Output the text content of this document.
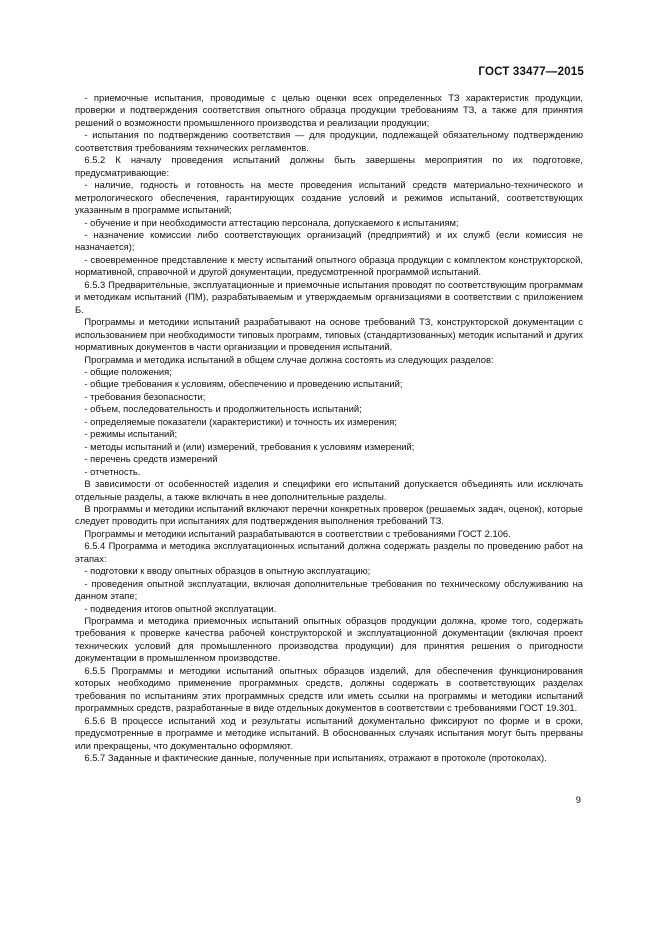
ГОСТ 33477—2015

- приемочные испытания, проводимые с целью оценки всех определенных ТЗ характеристик продукции, проверки и подтверждения соответствия опытного образца продукции требованиям ТЗ, а также для принятия решений о возможности промышленного производства и реализации продукции;

- испытания по подтверждению соответствия — для продукции, подлежащей обязательному подтверждению соответствия требованиям технических регламентов.

6.5.2 К началу проведения испытаний должны быть завершены мероприятия по их подготовке, предусматривающие:

- наличие, годность и готовность на месте проведения испытаний средств материально-технического и метрологического обеспечения, гарантирующих создание условий и режимов испытаний, соответствующих указанным в программе испытаний;

- обучение и при необходимости аттестацию персонала, допускаемого к испытаниям;

- назначение комиссии либо соответствующих организаций (предприятий) и их служб (если комиссия не назначается);

- своевременное представление к месту испытаний опытного образца продукции с комплектом конструкторской, нормативной, справочной и другой документации, предусмотренной программой испытаний.

6.5.3 Предварительные, эксплуатационные и приемочные испытания проводят по соответствующим программам и методикам испытаний (ПМ), разрабатываемым и утверждаемым организациями в соответствии с приложением Б.

Программы и методики испытаний разрабатывают на основе требований ТЗ, конструкторской документации с использованием при необходимости типовых программ, типовых (стандартизованных) методик испытаний и других нормативных документов в части организации и проведения испытаний.

Программа и методика испытаний в общем случае должна состоять из следующих разделов:

- общие положения;

- общие требования к условиям, обеспечению и проведению испытаний;

- требования безопасности;

- объем, последовательность и продолжительность испытаний;

- определяемые показатели (характеристики) и точность их измерения;

- режимы испытаний;

- методы испытаний и (или) измерений, требования к условиям измерений;

- перечень средств измерений

- отчетность.

В зависимости от особенностей изделия и специфики его испытаний допускается объединять или исключать отдельные разделы, а также включать в нее дополнительные разделы.

В программы и методики испытаний включают перечни конкретных проверок (решаемых задач, оценок), которые следует проводить при испытаниях для подтверждения выполнения требований ТЗ.

Программы и методики испытаний разрабатываются в соответствии с требованиями ГОСТ 2.106.

6.5.4 Программа и методика эксплуатационных испытаний должна содержать разделы по проведению работ на этапах:

- подготовки к вводу опытных образцов в опытную эксплуатацию;

- проведения опытной эксплуатации, включая дополнительные требования по техническому обслуживанию на данном этапе;

- подведения итогов опытной эксплуатации.

Программа и методика приемочных испытаний опытных образцов продукции должна, кроме того, содержать требования к проверке качества рабочей конструкторской и эксплуатационной документации (включая проект технических условий для промышленного производства продукции) для принятия решения о пригодности документации в промышленном производстве.

6.5.5 Программы и методики испытаний опытных образцов изделий, для обеспечения функционирования которых необходимо применение программных средств, должны содержать в соответствующих разделах требования по испытаниям этих программных средств или иметь ссылки на программы и методики испытаний программных средств, разработанные в виде отдельных документов в соответствии с требованиями ГОСТ 19.301.

6.5.6 В процессе испытаний ход и результаты испытаний документально фиксируют по форме и в сроки, предусмотренные в программе и методике испытаний. В обоснованных случаях испытания могут быть прерваны или прекращены, что документально оформляют.

6.5.7 Заданные и фактические данные, полученные при испытаниях, отражают в протоколе (протоколах).

9
